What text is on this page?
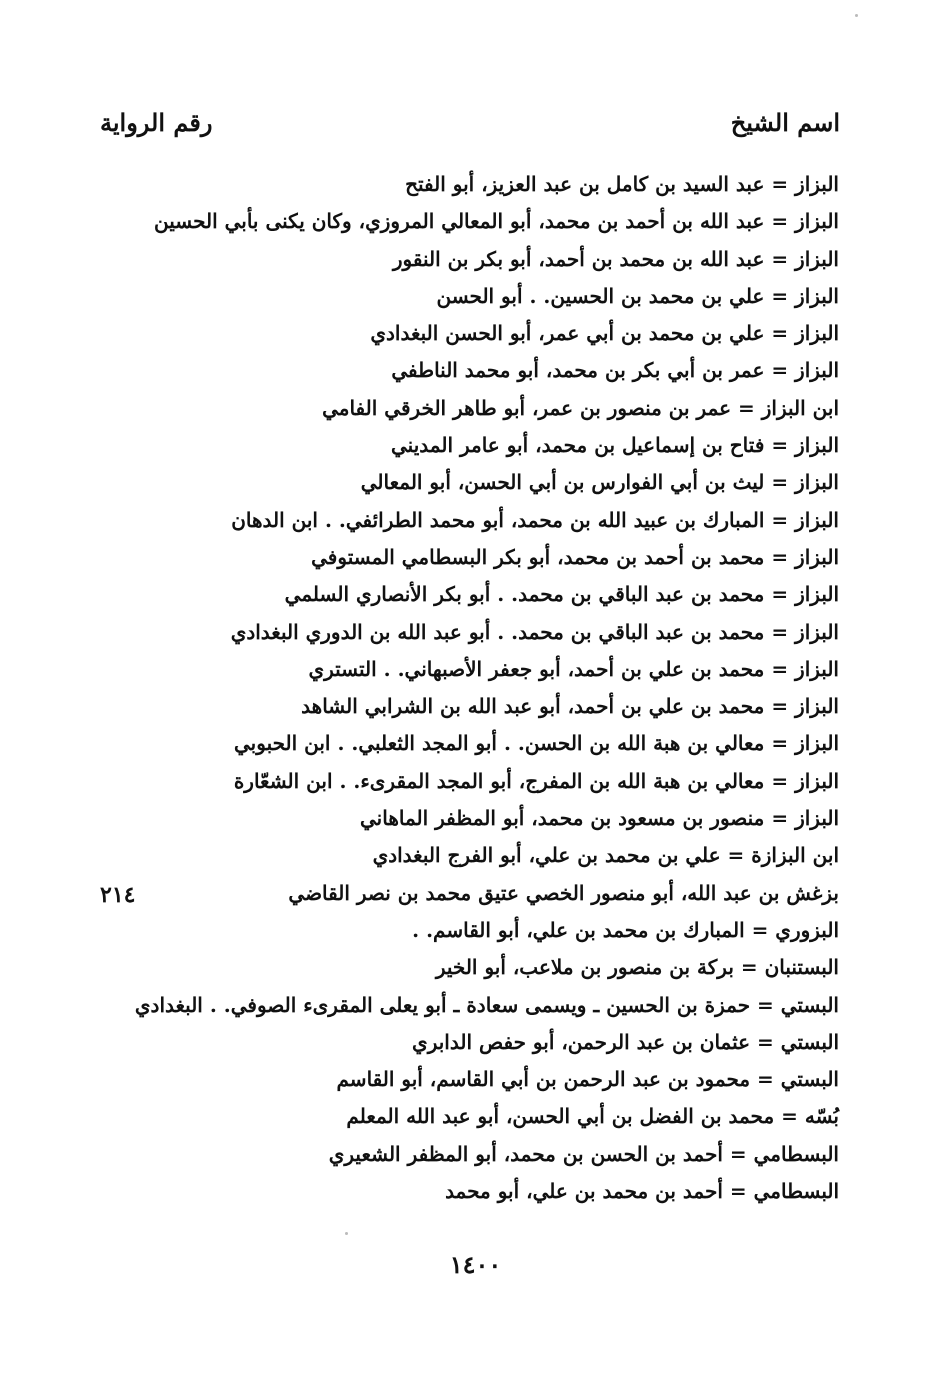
اسم الشيخ
رقم الرواية
البزاز = عبد السيد بن كامل بن عبد العزيز، أبو الفتح
البزاز = عبد الله بن أحمد بن محمد، أبو المعالي المروزي، وكان يكنى بأبي الحسين
البزاز = عبد الله بن محمد بن أحمد، أبو بكر بن النقور
البزاز = علي بن محمد بن الحسين. . أبو الحسن
البزاز = علي بن محمد بن أبي عمر، أبو الحسن البغدادي
البزاز = عمر بن أبي بكر بن محمد، أبو محمد الناطفي
ابن البزاز = عمر بن منصور بن عمر، أبو طاهر الخرقي الفامي
البزاز = فتاح بن إسماعيل بن محمد، أبو عامر المديني
البزاز = ليث بن أبي الفوارس بن أبي الحسن، أبو المعالي
البزاز = المبارك بن عبيد الله بن محمد، أبو محمد الطرائفي. . ابن الدهان
البزاز = محمد بن أحمد بن محمد، أبو بكر البسطامي المستوفي
البزاز = محمد بن عبد الباقي بن محمد. . أبو بكر الأنصاري السلمي
البزاز = محمد بن عبد الباقي بن محمد. . أبو عبد الله بن الدوري البغدادي
البزاز = محمد بن علي بن أحمد، أبو جعفر الأصبهاني. . التستري
البزاز = محمد بن علي بن أحمد، أبو عبد الله بن الشرابي الشاهد
البزاز = معالي بن هبة الله بن الحسن. . أبو المجد الثعلبي. . ابن الحبوبي
البزاز = معالي بن هبة الله بن المفرج، أبو المجد المقرىء. . ابن الشعّارة
البزاز = منصور بن مسعود بن محمد، أبو المظفر الماهاني
ابن البزازة = علي بن محمد بن علي، أبو الفرج البغدادي
بزغش بن عبد الله، أبو منصور الخصي عتيق محمد بن نصر القاضي
البزوري = المبارك بن محمد بن علي، أبو القاسم. .
البستنبان = بركة بن منصور بن ملاعب، أبو الخير
البستي = حمزة بن الحسين ـ ويسمى سعادة ـ أبو يعلى المقرىء الصوفي. . البغدادي
البستي = عثمان بن عبد الرحمن، أبو حفص الدابري
البستي = محمود بن عبد الرحمن بن أبي القاسم، أبو القاسم
بُسّه = محمد بن الفضل بن أبي الحسن، أبو عبد الله المعلم
البسطامي = أحمد بن الحسن بن محمد، أبو المظفر الشعيري
البسطامي = أحمد بن محمد بن علي، أبو محمد
٢١٤
١٤٠٠
